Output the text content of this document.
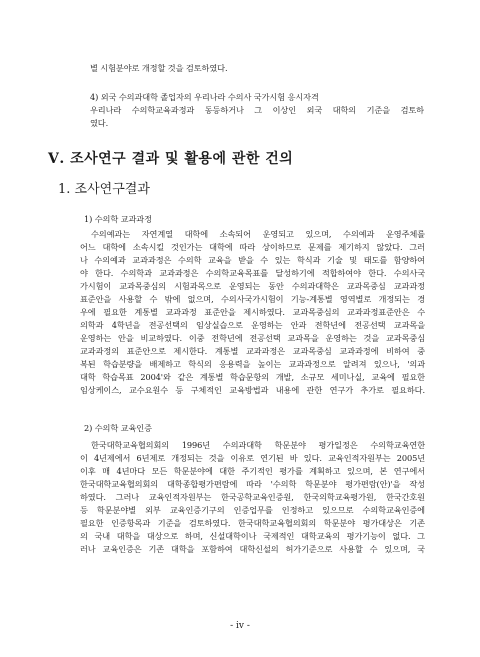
별 시험분야로 개정할 것을 검토하였다.
4) 외국 수의과대학 졸업자의 우리나라 수의사 국가시험 응시자격
우리나라 수의학교육과정과 동등하거나 그 이상인 외국 대학의 기준을 검토하
였다.
Ⅴ. 조사연구 결과 및 활용에 관한 건의
1. 조사연구결과
1) 수의학 교과과정
수의예과는 자연계열 대학에 소속되어 운영되고 있으며, 수의예과 운영주체를
어느 대학에 소속시킬 것인가는 대학에 따라 상이하므로 문제를 제기하지 않았다. 그러
나 수의예과 교과과정은 수의학 교육을 받을 수 있는 학식과 기술 및 태도를 함양하여
야 한다. 수의학과 교과과정은 수의학교육목표를 달성하기에 적합하여야 한다. 수의사국
가시험이 교과목중심의 시험과목으로 운영되는 동안 수의과대학은 교과목중심 교과과정
표준안을 사용할 수 밖에 없으며, 수의사국가시험이 기능-계통별 영역별로 개정되는 경
우에 필요한 계통별 교과과정 표준안을 제시하였다. 교과목중심의 교과과정표준안은 수
의학과 4학년을 전공선택의 임상실습으로 운영하는 안과 전학년에 전공선택 교과목을
운영하는 안을 비교하였다. 이중 전학년에 전공선택 교과목을 운영하는 것을 교과목중심
교과과정의 표준안으로 제시한다. 계통별 교과과정은 교과목중심 교과과정에 비하여 중
복된 학습분량을 배제하고 학식의 응용력을 높이는 교과과정으로 알려져 있으나, '의과
대학 학습목표 2004'와 같은 계통별 학습문항의 개발, 소규모 세미나실, 교육에 필요한
임상케이스, 교수요원수 등 구체적인 교육방법과 내용에 관한 연구가 추가로 필요하다.
2) 수의학 교육인증
한국대학교육협의회의 1996년 수의과대학 학문분야 평가일정은 수의학교육연한
이 4년제에서 6년제로 개정되는 것을 이유로 연기된 바 있다. 교육인적자원부는 2005년
이후 매 4년마다 모든 학문분야에 대한 주기적인 평가를 계획하고 있으며, 본 연구에서
한국대학교육협의회의 대학종합평가편람에 따라 '수의학 학문분야 평가편람(안)'을 작성
하였다. 그러나 교육인적자원부는 한국공학교육인증원, 한국의학교육평가원, 한국간호원
등 학문분야별 외부 교육인증기구의 인증업무를 인정하고 있으므로 수의학교육인증에
필요한 인증항목과 기준을 검토하였다. 한국대학교육협의회의 학문분야 평가대상은 기존
의 국내 대학을 대상으로 하며, 신설대학이나 국제적인 대학교육의 평가기능이 없다. 그
러나 교육인증은 기존 대학을 포함하여 대학신설의 허가기준으로 사용할 수 있으며, 국
- iv -
